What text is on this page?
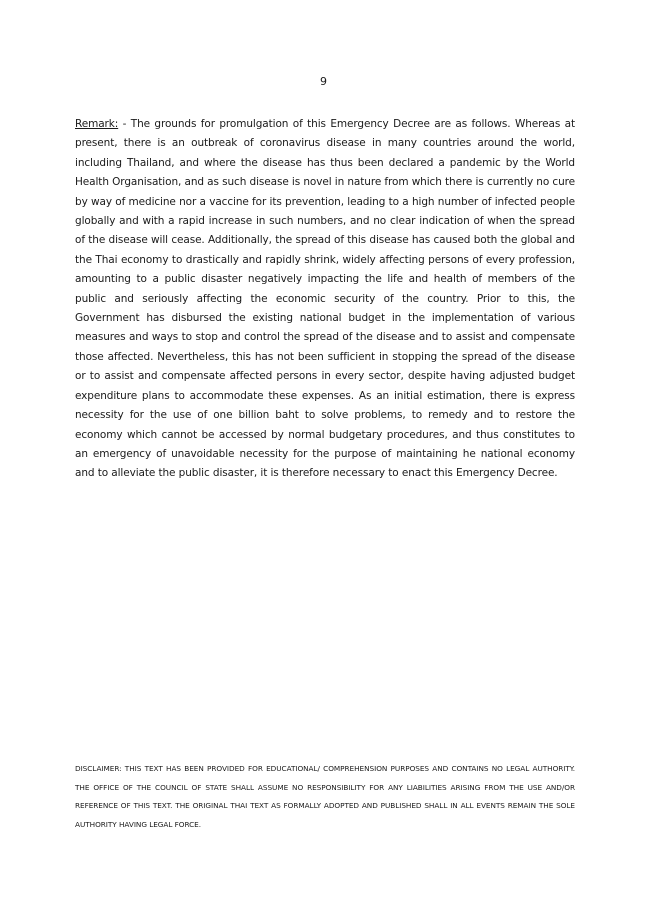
9

Remark: - The grounds for promulgation of this Emergency Decree are as follows. Whereas at present, there is an outbreak of coronavirus disease in many countries around the world, including Thailand, and where the disease has thus been declared a pandemic by the World Health Organisation, and as such disease is novel in nature from which there is currently no cure by way of medicine nor a vaccine for its prevention, leading to a high number of infected people globally and with a rapid increase in such numbers, and no clear indication of when the spread of the disease will cease. Additionally, the spread of this disease has caused both the global and the Thai economy to drastically and rapidly shrink, widely affecting persons of every profession, amounting to a public disaster negatively impacting the life and health of members of the public and seriously affecting the economic security of the country. Prior to this, the Government has disbursed the existing national budget in the implementation of various measures and ways to stop and control the spread of the disease and to assist and compensate those affected. Nevertheless, this has not been sufficient in stopping the spread of the disease or to assist and compensate affected persons in every sector, despite having adjusted budget expenditure plans to accommodate these expenses. As an initial estimation, there is express necessity for the use of one billion baht to solve problems, to remedy and to restore the economy which cannot be accessed by normal budgetary procedures, and thus constitutes to an emergency of unavoidable necessity for the purpose of maintaining he national economy and to alleviate the public disaster, it is therefore necessary to enact this Emergency Decree.

DISCLAIMER: THIS TEXT HAS BEEN PROVIDED FOR EDUCATIONAL/ COMPREHENSION PURPOSES AND CONTAINS NO LEGAL AUTHORITY. THE OFFICE OF THE COUNCIL OF STATE SHALL ASSUME NO RESPONSIBILITY FOR ANY LIABILITIES ARISING FROM THE USE AND/OR REFERENCE OF THIS TEXT. THE ORIGINAL THAI TEXT AS FORMALLY ADOPTED AND PUBLISHED SHALL IN ALL EVENTS REMAIN THE SOLE AUTHORITY HAVING LEGAL FORCE.
